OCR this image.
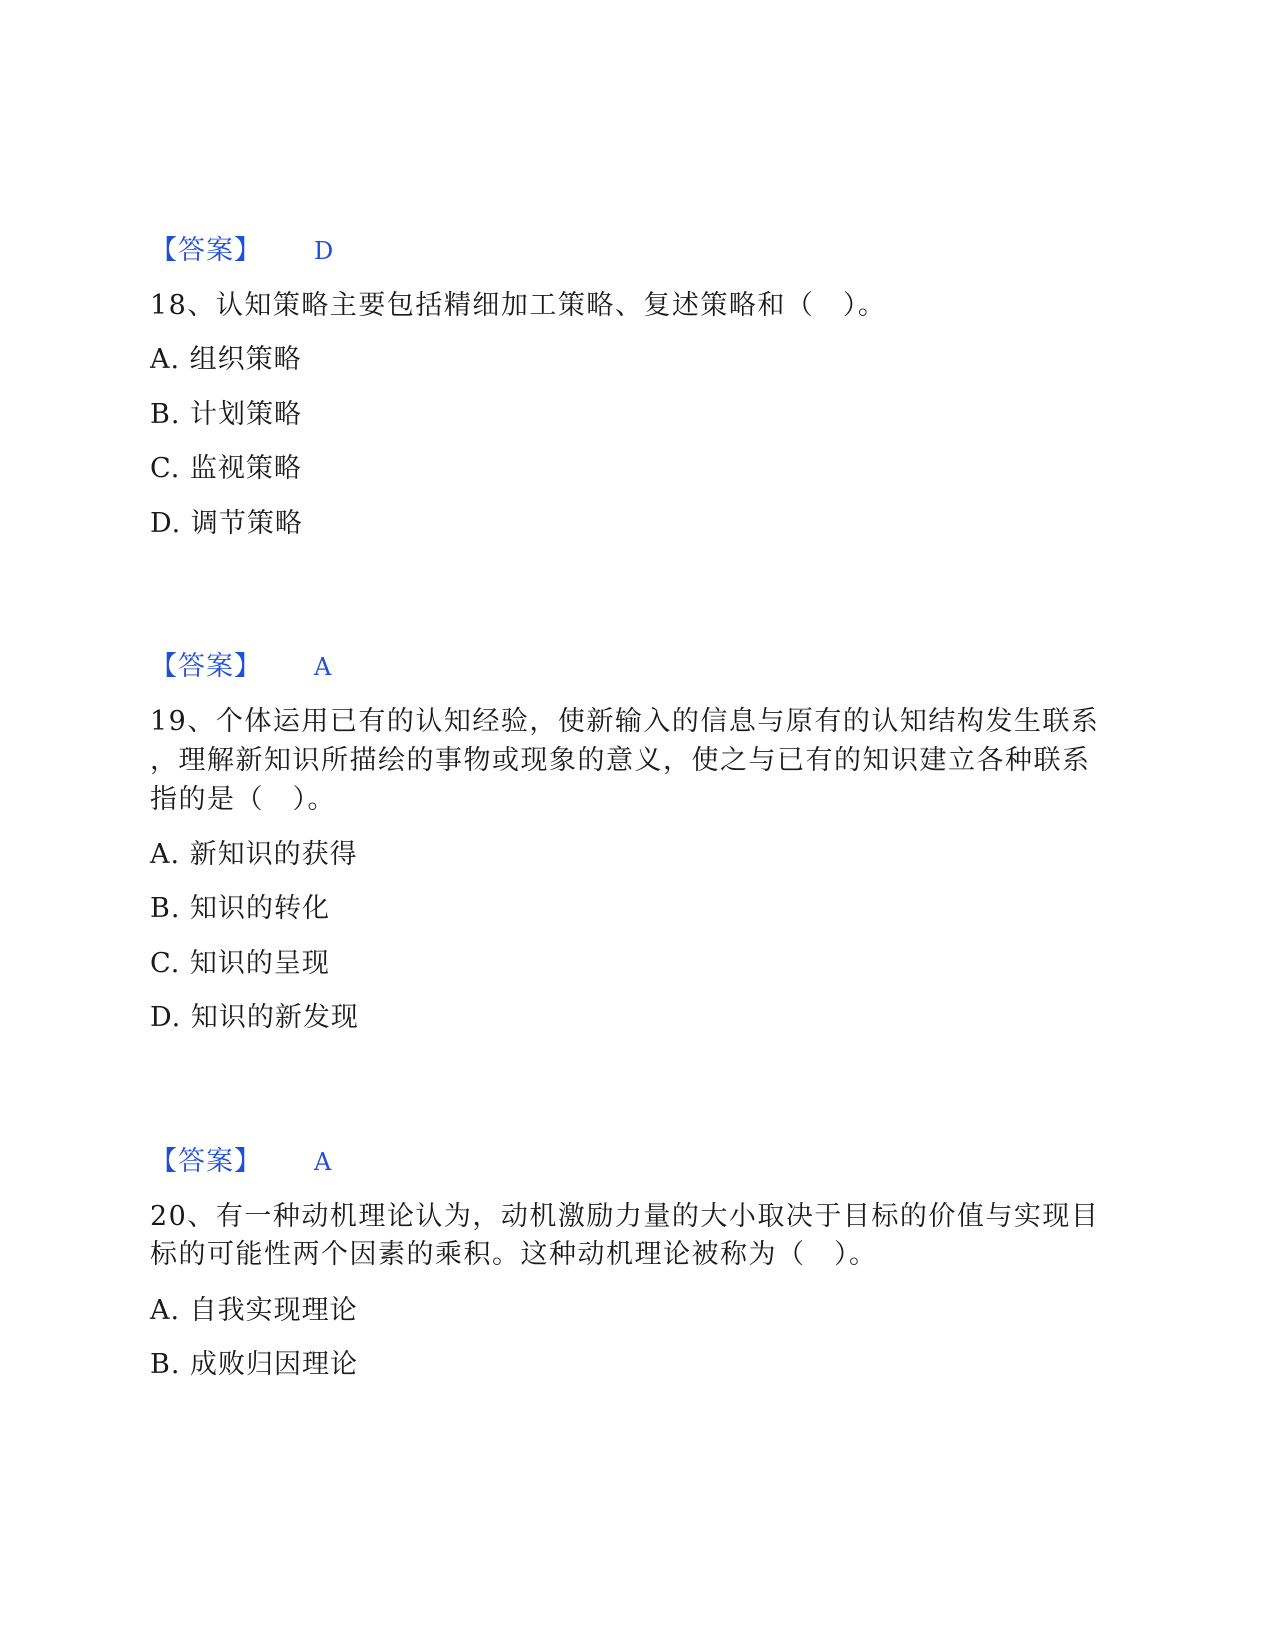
【答案】 D
18、认知策略主要包括精细加工策略、复述策略和（　）。
A. 组织策略
B. 计划策略
C. 监视策略
D. 调节策略
【答案】 A
19、个体运用已有的认知经验，使新输入的信息与原有的认知结构发生联系
，理解新知识所描绘的事物或现象的意义，使之与已有的知识建立各种联系
指的是（　）。
A. 新知识的获得
B. 知识的转化
C. 知识的呈现
D. 知识的新发现
【答案】 A
20、有一种动机理论认为，动机激励力量的大小取决于目标的价值与实现目
标的可能性两个因素的乘积。这种动机理论被称为（　）。
A. 自我实现理论
B. 成败归因理论
